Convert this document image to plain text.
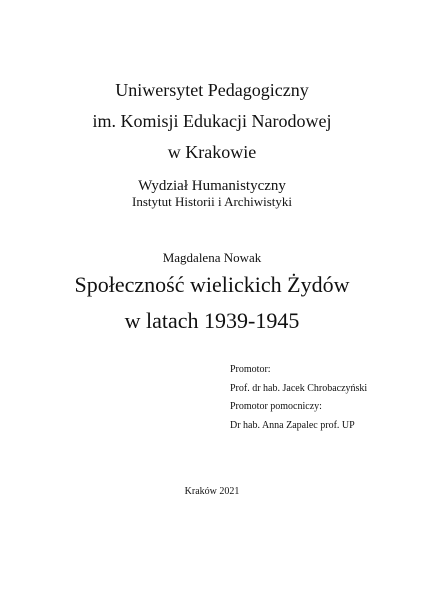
Uniwersytet Pedagogiczny
im. Komisji Edukacji Narodowej
w Krakowie
Wydział Humanistyczny
Instytut Historii i Archiwistyki
Magdalena Nowak
Społeczność wielickich Żydów
w latach 1939-1945
Promotor:
Prof. dr hab. Jacek Chrobaczyński
Promotor pomocniczy:
Dr hab. Anna Zapalec prof. UP
Kraków 2021
